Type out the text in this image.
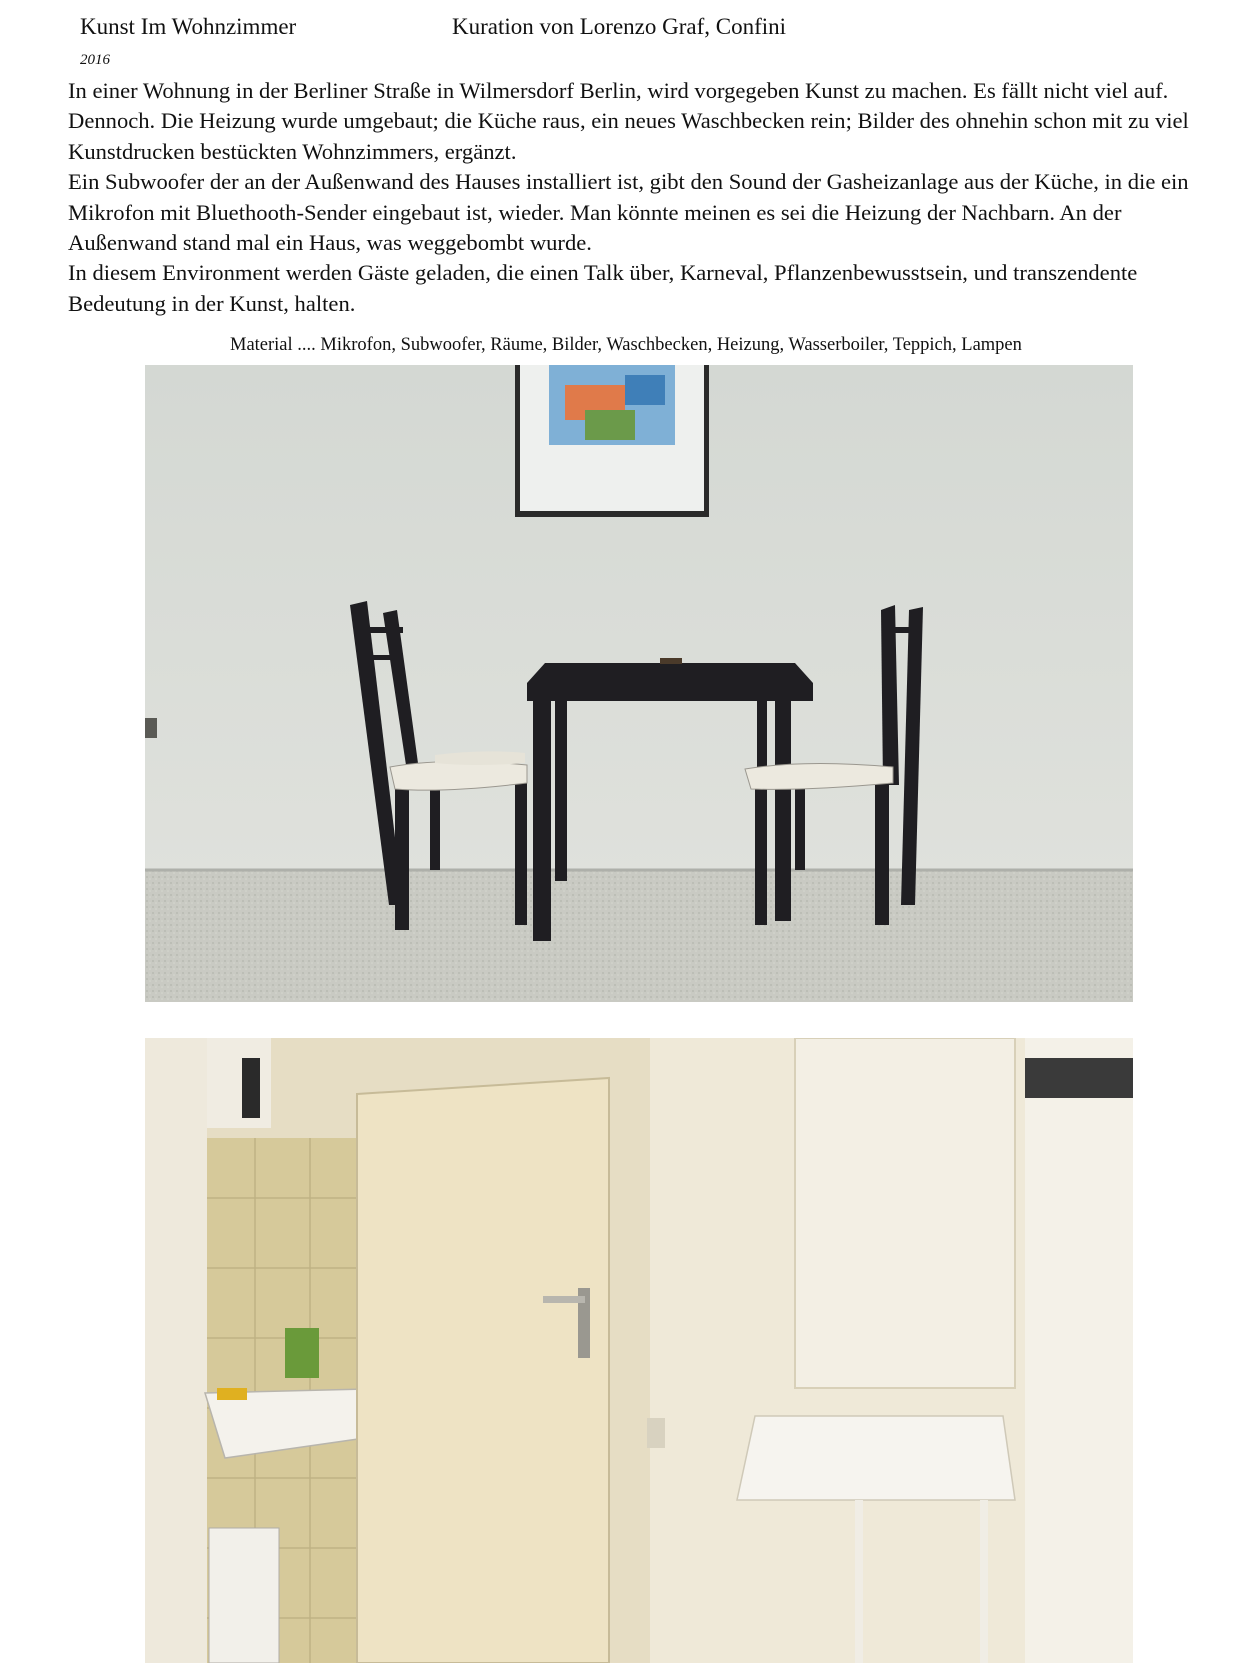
Kunst Im Wohnzimmer	Kuration von Lorenzo Graf, Confini
2016

In einer Wohnung in der Berliner Straße in Wilmersdorf Berlin, wird vorgegeben Kunst zu machen. Es fällt nicht viel auf. Dennoch. Die Heizung wurde umgebaut; die Küche raus, ein neues Waschbecken rein; Bilder des ohnehin schon mit zu viel Kunstdrucken bestückten Wohnzimmers, ergänzt.

Ein Subwoofer der an der Außenwand des Hauses installiert ist, gibt den Sound der Gasheizanlage aus der Küche, in die ein Mikrofon mit Bluethooth-Sender eingebaut ist, wieder. Man könnte meinen es sei die Heizung der Nachbarn. An der Außenwand stand mal ein Haus, was weggebombt wurde.

In diesem Environment werden Gäste geladen, die einen Talk über, Karneval, Pflanzenbewusstsein, und transzendente Bedeutung in der Kunst, halten.

Material .... Mikrofon, Subwoofer, Räume, Bilder, Waschbecken, Heizung, Wasserboiler, Teppich, Lampen
